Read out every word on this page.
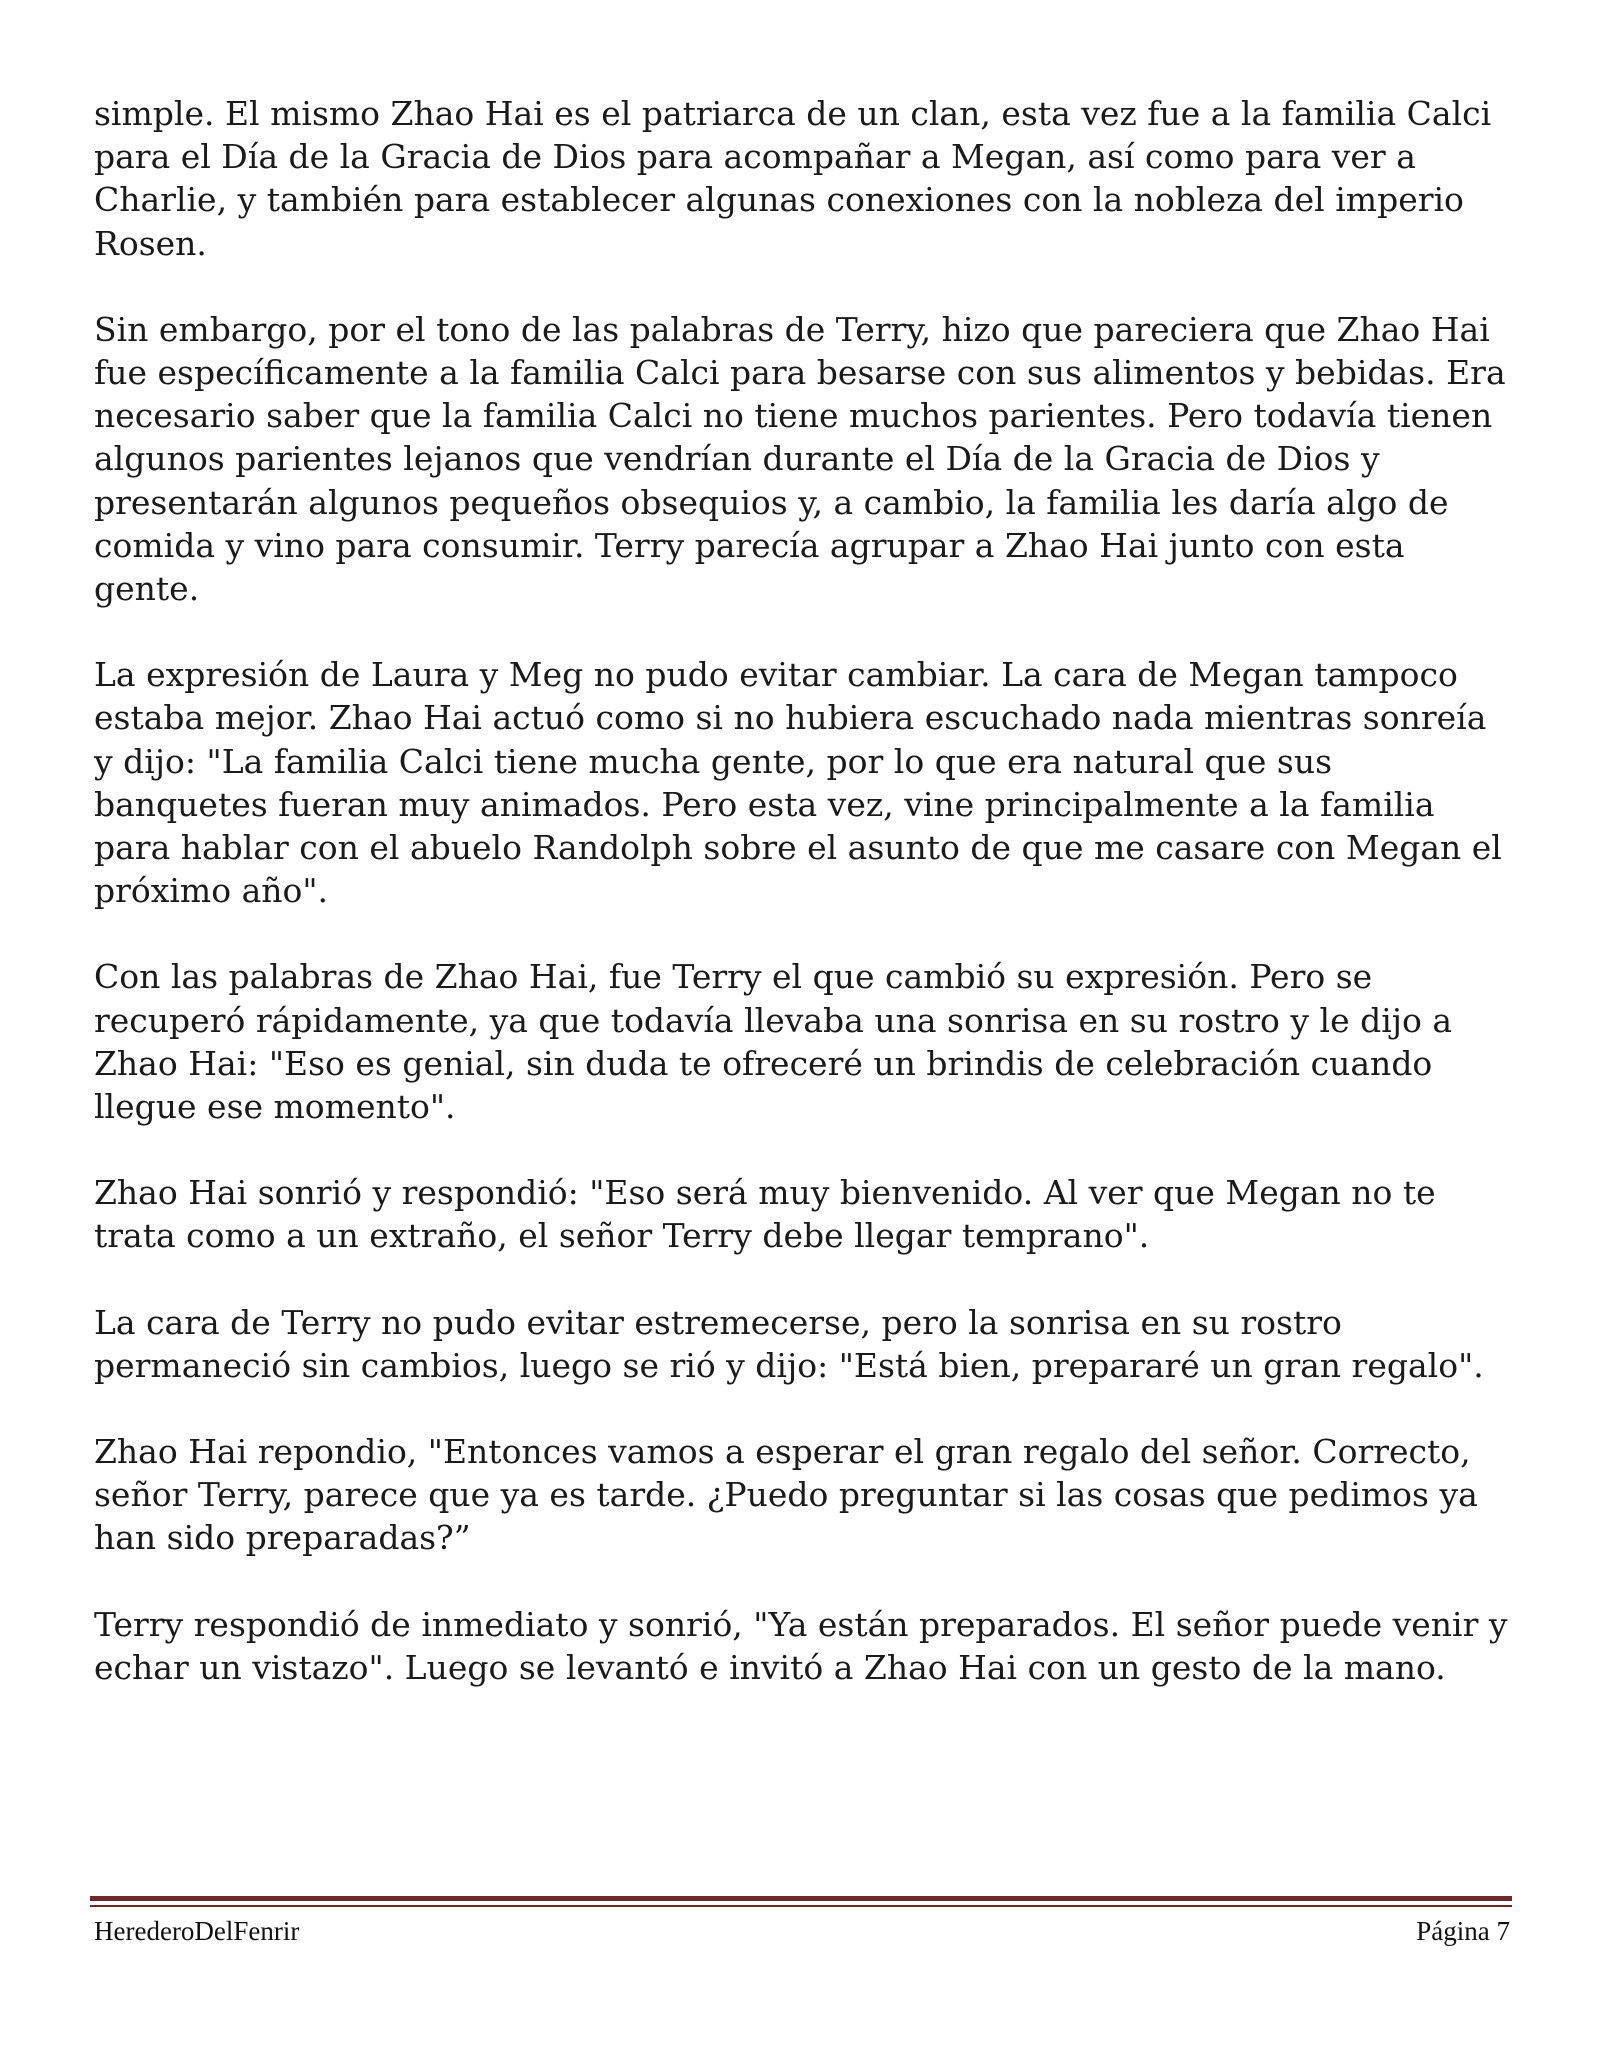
simple. El mismo Zhao Hai es el patriarca de un clan, esta vez fue a la familia Calci para el Día de la Gracia de Dios para acompañar a Megan, así como para ver a Charlie, y también para establecer algunas conexiones con la nobleza del imperio Rosen.

Sin embargo, por el tono de las palabras de Terry, hizo que pareciera que Zhao Hai fue específicamente a la familia Calci para besarse con sus alimentos y bebidas. Era necesario saber que la familia Calci no tiene muchos parientes. Pero todavía tienen algunos parientes lejanos que vendrían durante el Día de la Gracia de Dios y presentarán algunos pequeños obsequios y, a cambio, la familia les daría algo de comida y vino para consumir. Terry parecía agrupar a Zhao Hai junto con esta gente.

La expresión de Laura y Meg no pudo evitar cambiar. La cara de Megan tampoco estaba mejor. Zhao Hai actuó como si no hubiera escuchado nada mientras sonreía y dijo: "La familia Calci tiene mucha gente, por lo que era natural que sus banquetes fueran muy animados. Pero esta vez, vine principalmente a la familia para hablar con el abuelo Randolph sobre el asunto de que me casare con Megan el próximo año".

Con las palabras de Zhao Hai, fue Terry el que cambió su expresión. Pero se recuperó rápidamente, ya que todavía llevaba una sonrisa en su rostro y le dijo a Zhao Hai: "Eso es genial, sin duda te ofreceré un brindis de celebración cuando llegue ese momento".

Zhao Hai sonrió y respondió: "Eso será muy bienvenido. Al ver que Megan no te trata como a un extraño, el señor Terry debe llegar temprano".

La cara de Terry no pudo evitar estremecerse, pero la sonrisa en su rostro permaneció sin cambios, luego se rió y dijo: "Está bien, prepararé un gran regalo".

Zhao Hai repondio, "Entonces vamos a esperar el gran regalo del señor. Correcto, señor Terry, parece que ya es tarde. ¿Puedo preguntar si las cosas que pedimos ya han sido preparadas?”

Terry respondió de inmediato y sonrió, "Ya están preparados. El señor puede venir y echar un vistazo". Luego se levantó e invitó a Zhao Hai con un gesto de la mano.

HerederoDelFenrir	Página 7
